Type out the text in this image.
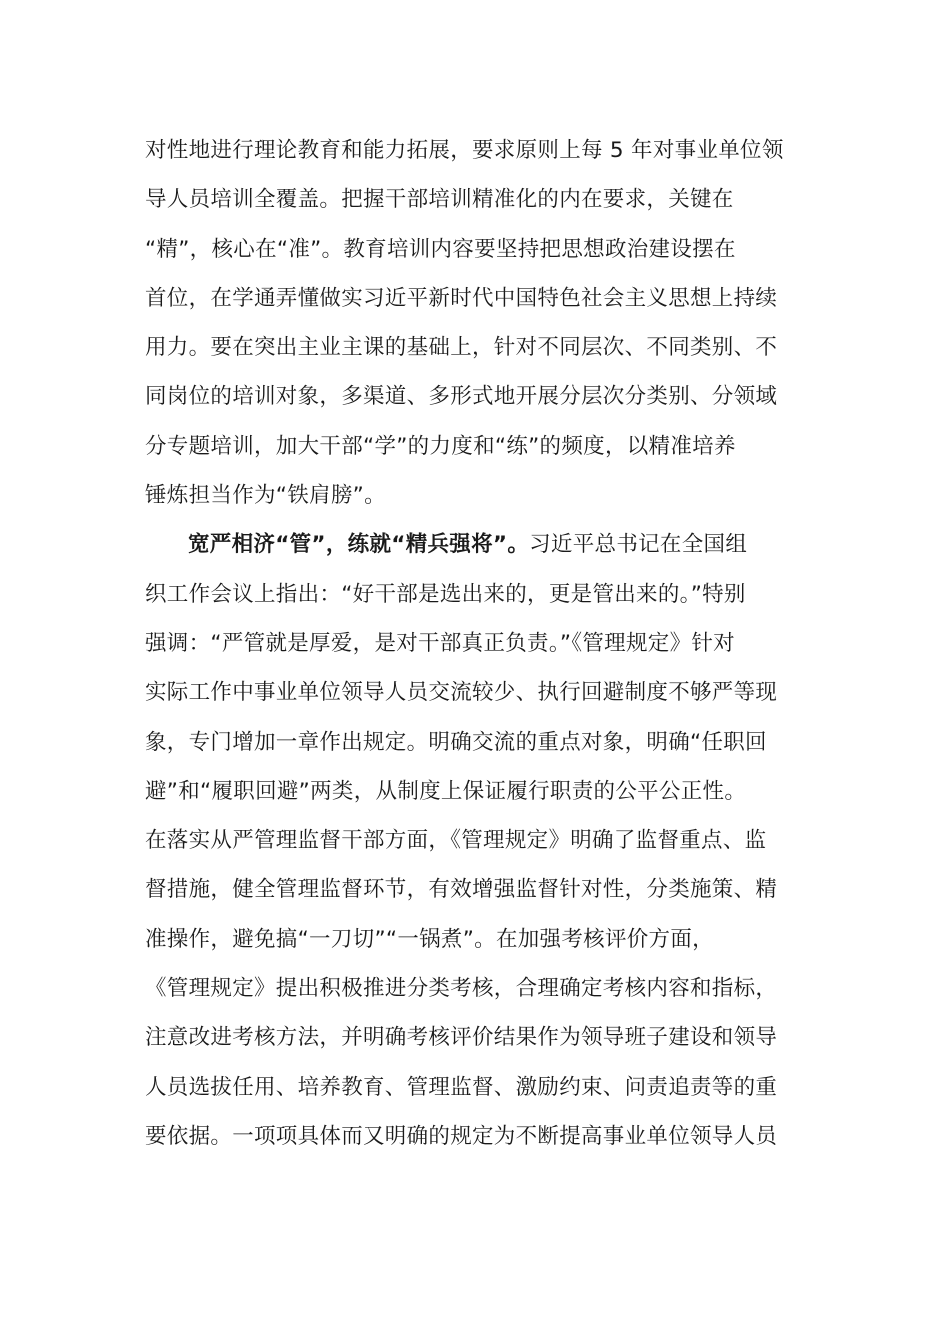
对性地进行理论教育和能力拓展，要求原则上每 5 年对事业单位领
导人员培训全覆盖。把握干部培训精准化的内在要求，关键在
“精”，核心在“准”。教育培训内容要坚持把思想政治建设摆在
首位，在学通弄懂做实习近平新时代中国特色社会主义思想上持续
用力。要在突出主业主课的基础上，针对不同层次、不同类别、不
同岗位的培训对象，多渠道、多形式地开展分层次分类别、分领域
分专题培训，加大干部“学”的力度和“练”的频度，以精准培养
锤炼担当作为“铁肩膀”。
宽严相济“管”，练就“精兵强将”。习近平总书记在全国组
织工作会议上指出：“好干部是选出来的，更是管出来的。”特别
强调：“严管就是厚爱，是对干部真正负责。”《管理规定》针对
实际工作中事业单位领导人员交流较少、执行回避制度不够严等现
象，专门增加一章作出规定。明确交流的重点对象，明确“任职回
避”和“履职回避”两类，从制度上保证履行职责的公平公正性。
在落实从严管理监督干部方面，《管理规定》明确了监督重点、监
督措施，健全管理监督环节，有效增强监督针对性，分类施策、精
准操作，避免搞“一刀切”“一锅煮”。在加强考核评价方面，
《管理规定》提出积极推进分类考核，合理确定考核内容和指标，
注意改进考核方法，并明确考核评价结果作为领导班子建设和领导
人员选拔任用、培养教育、管理监督、激励约束、问责追责等的重
要依据。一项项具体而又明确的规定为不断提高事业单位领导人员
